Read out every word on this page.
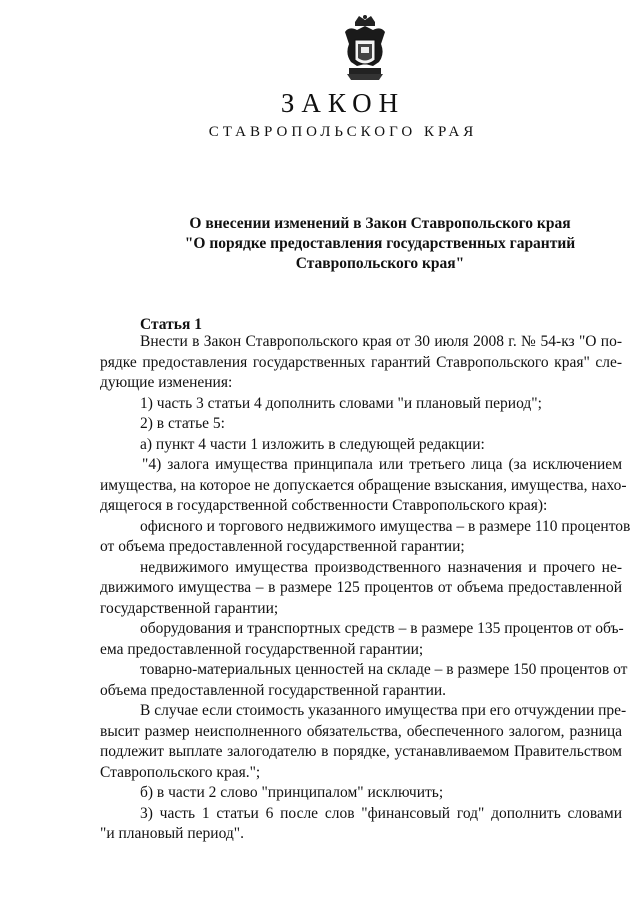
ЗАКОН
СТАВРОПОЛЬСКОГО КРАЯ
О внесении изменений в Закон Ставропольского края
"О порядке предоставления государственных гарантий
Ставропольского края"
Статья 1
Внести в Закон Ставропольского края от 30 июля 2008 г. № 54-кз "О по-
рядке предоставления государственных гарантий Ставропольского края" сле-
дующие изменения:
1) часть 3 статьи 4 дополнить словами "и плановый период";
2) в статье 5:
а) пункт 4 части 1 изложить в следующей редакции:
"4) залога имущества принципала или третьего лица (за исключением
имущества, на которое не допускается обращение взыскания, имущества, нахо-
дящегося в государственной собственности Ставропольского края):
офисного и торгового недвижимого имущества – в размере 110 процентов
от объема предоставленной государственной гарантии;
недвижимого имущества производственного назначения и прочего не-
движимого имущества – в размере 125 процентов от объема предоставленной
государственной гарантии;
оборудования и транспортных средств – в размере 135 процентов от объ-
ема предоставленной государственной гарантии;
товарно-материальных ценностей на складе – в размере 150 процентов от
объема предоставленной государственной гарантии.
В случае если стоимость указанного имущества при его отчуждении пре-
высит размер неисполненного обязательства, обеспеченного залогом, разница
подлежит выплате залогодателю в порядке, устанавливаемом Правительством
Ставропольского края.";
б) в части 2 слово "принципалом" исключить;
3) часть 1 статьи 6 после слов "финансовый год" дополнить словами
"и плановый период".
